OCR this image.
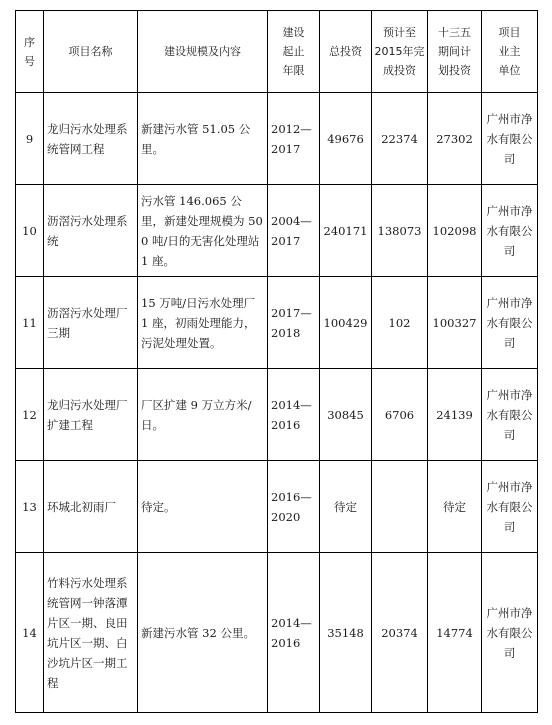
序号	项目名称	建设规模及内容	建设起止年限	总投资	预计至2015年完成投资	十三五期间计划投资	项目业主单位

9	龙归污水处理系统管网工程	新建污水管 51.05 公里。	2012—2017	49676	22374	27302	广州市净水有限公司
10	沥滘污水处理系统	污水管 146.065 公里，新建处理规模为 500 吨/日的无害化处理站 1 座。	2004—2017	240171	138073	102098	广州市净水有限公司
11	沥滘污水处理厂三期	15 万吨/日污水处理厂 1 座，初雨处理能力，污泥处理处置。	2017—2018	100429	102	100327	广州市净水有限公司
12	龙归污水处理厂扩建工程	厂区扩建 9 万立方米/日。	2014—2016	30845	6706	24139	广州市净水有限公司
13	环城北初雨厂	待定。	2016—2020	待定		待定	广州市净水有限公司
14	竹料污水处理系统管网一钟落潭片区一期、良田坑片区一期、白沙坑片区一期工程	新建污水管 32 公里。	2014—2016	35148	20374	14774	广州市净水有限公司
